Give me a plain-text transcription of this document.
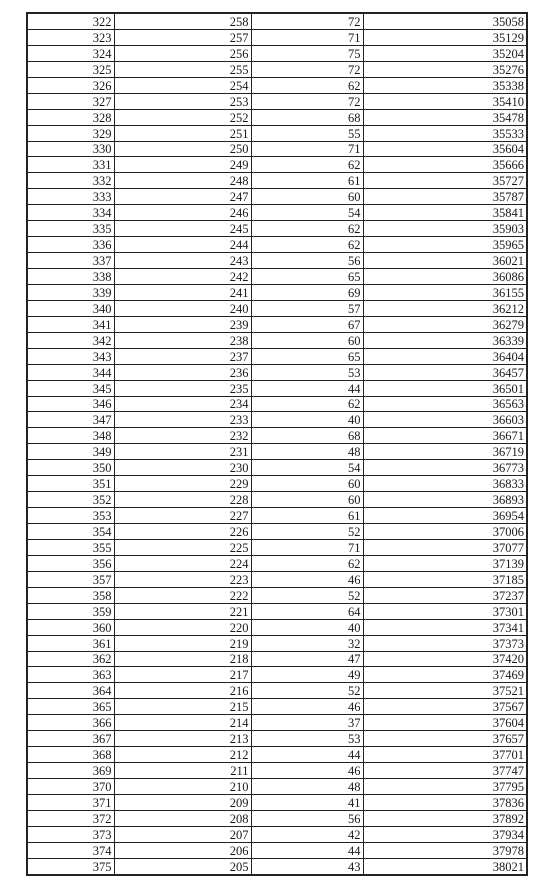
322	258	72	35058
323	257	71	35129
324	256	75	35204
325	255	72	35276
326	254	62	35338
327	253	72	35410
328	252	68	35478
329	251	55	35533
330	250	71	35604
331	249	62	35666
332	248	61	35727
333	247	60	35787
334	246	54	35841
335	245	62	35903
336	244	62	35965
337	243	56	36021
338	242	65	36086
339	241	69	36155
340	240	57	36212
341	239	67	36279
342	238	60	36339
343	237	65	36404
344	236	53	36457
345	235	44	36501
346	234	62	36563
347	233	40	36603
348	232	68	36671
349	231	48	36719
350	230	54	36773
351	229	60	36833
352	228	60	36893
353	227	61	36954
354	226	52	37006
355	225	71	37077
356	224	62	37139
357	223	46	37185
358	222	52	37237
359	221	64	37301
360	220	40	37341
361	219	32	37373
362	218	47	37420
363	217	49	37469
364	216	52	37521
365	215	46	37567
366	214	37	37604
367	213	53	37657
368	212	44	37701
369	211	46	37747
370	210	48	37795
371	209	41	37836
372	208	56	37892
373	207	42	37934
374	206	44	37978
375	205	43	38021
